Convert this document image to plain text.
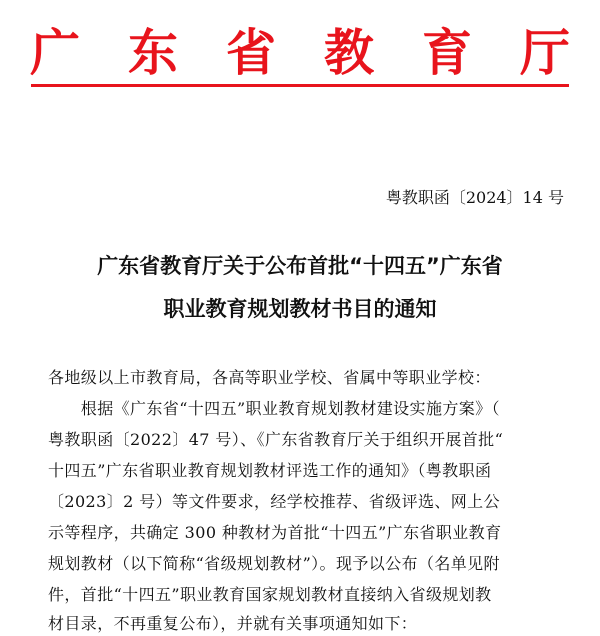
广 东 省 教 育 厅
粤教职函〔2024〕14 号
广东省教育厅关于公布首批“十四五”广东省
职业教育规划教材书目的通知
各地级以上市教育局，各高等职业学校、省属中等职业学校：
　　根据《广东省“十四五”职业教育规划教材建设实施方案》（
粤教职函〔2022〕47 号）、《广东省教育厅关于组织开展首批“
十四五”广东省职业教育规划教材评选工作的通知》（粤教职函
〔2023〕2 号）等文件要求，经学校推荐、省级评选、网上公
示等程序，共确定 300 种教材为首批“十四五”广东省职业教育
规划教材（以下简称“省级规划教材”）。现予以公布（名单见附
件，首批“十四五”职业教育国家规划教材直接纳入省级规划教
材目录，不再重复公布），并就有关事项通知如下：
